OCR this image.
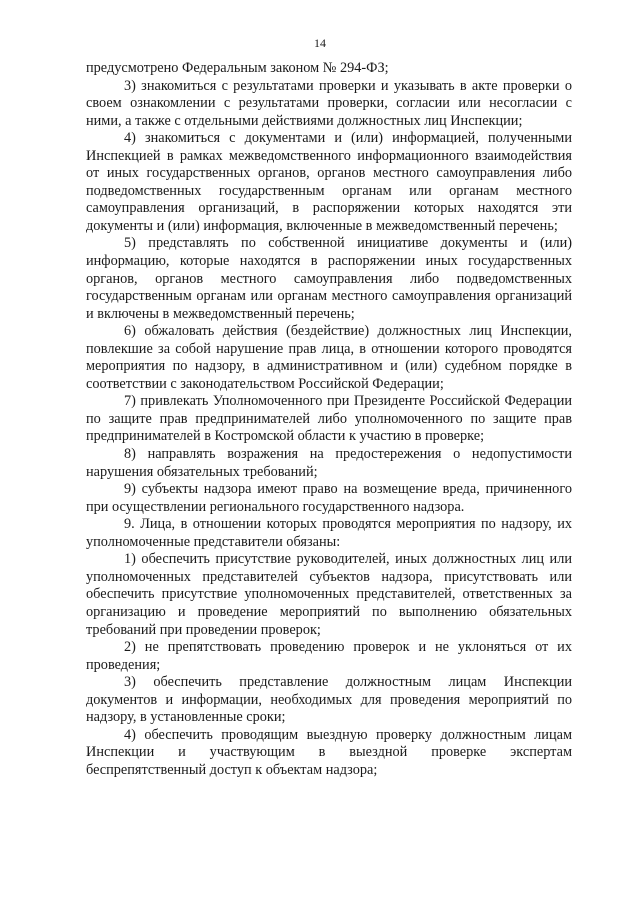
14

предусмотрено Федеральным законом № 294-ФЗ;

3) знакомиться с результатами проверки и указывать в акте проверки о своем ознакомлении с результатами проверки, согласии или несогласии с ними, а также с отдельными действиями должностных лиц Инспекции;

4) знакомиться с документами и (или) информацией, полученными Инспекцией в рамках межведомственного информационного взаимодействия от иных государственных органов, органов местного самоуправления либо подведомственных государственным органам или органам местного самоуправления организаций, в распоряжении которых находятся эти документы и (или) информация, включенные в межведомственный перечень;

5) представлять по собственной инициативе документы и (или) информацию, которые находятся в распоряжении иных государственных органов, органов местного самоуправления либо подведомственных государственным органам или органам местного самоуправления организаций и включены в межведомственный перечень;

6) обжаловать действия (бездействие) должностных лиц Инспекции, повлекшие за собой нарушение прав лица, в отношении которого проводятся мероприятия по надзору, в административном и (или) судебном порядке в соответствии с законодательством Российской Федерации;

7) привлекать Уполномоченного при Президенте Российской Федерации по защите прав предпринимателей либо уполномоченного по защите прав предпринимателей в Костромской области к участию в проверке;

8) направлять возражения на предостережения о недопустимости нарушения обязательных требований;

9) субъекты надзора имеют право на возмещение вреда, причиненного при осуществлении регионального государственного надзора.

9. Лица, в отношении которых проводятся мероприятия по надзору, их уполномоченные представители обязаны:

1) обеспечить присутствие руководителей, иных должностных лиц или уполномоченных представителей субъектов надзора, присутствовать или обеспечить присутствие уполномоченных представителей, ответственных за организацию и проведение мероприятий по выполнению обязательных требований при проведении проверок;

2) не препятствовать проведению проверок и не уклоняться от их проведения;

3) обеспечить представление должностным лицам Инспекции документов и информации, необходимых для проведения мероприятий по надзору, в установленные сроки;

4) обеспечить проводящим выездную проверку должностным лицам Инспекции и участвующим в выездной проверке экспертам беспрепятственный доступ к объектам надзора;
